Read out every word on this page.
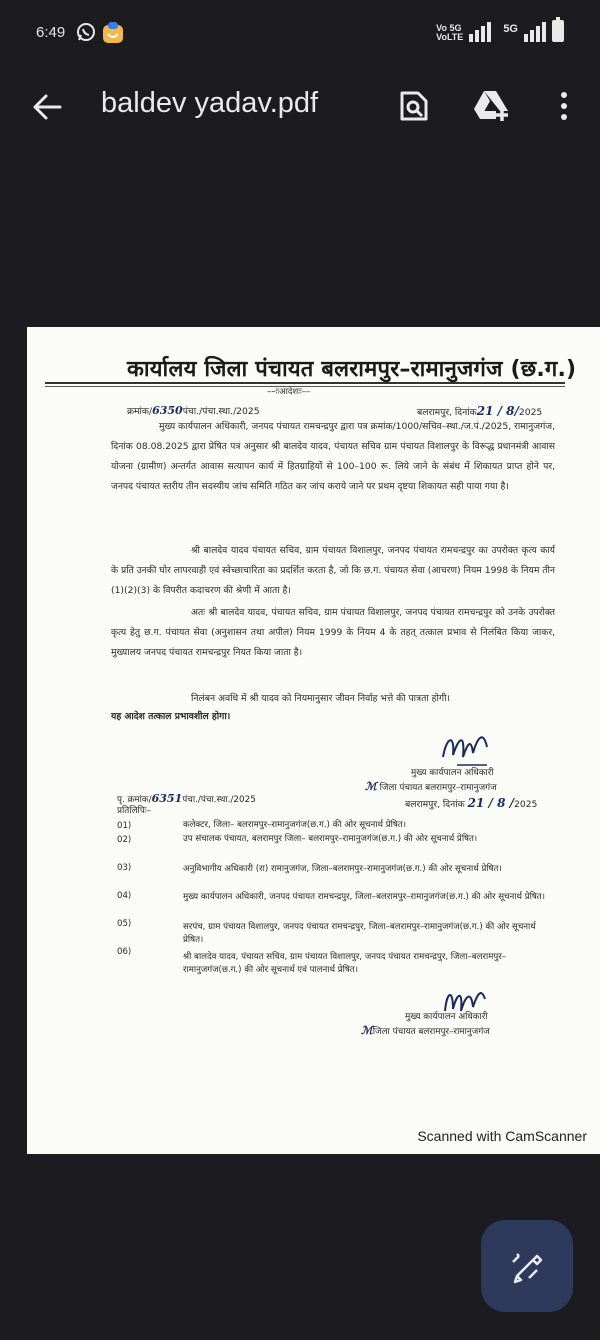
6:49	Vo 5G
VoLTE
5G
baldev yadav.pdf
कार्यालय जिला पंचायत बलरामपुर–रामानुजगंज (छ.ग.)
––ःःआदेशःः––
क्रमांक/6350पंचा./पंचा.स्था./2025	बलरामपुर, दिनांक21 / 8/2025
मुख्य कार्यपालन अधिकारी, जनपद पंचायत रामचन्द्रपुर द्वारा पत्र क्रमांक/1000/सचिव–स्था./ज.पं./2025, रामानुजगंज, दिनांक 08.08.2025 द्वारा प्रेषित पत्र अनुसार श्री बालदेव यादव, पंचायत सचिव ग्राम पंचायत विशालपुर के विरूद्ध प्रधानमंत्री आवास योजना (ग्रामीण) अन्तर्गत आवास सत्यापन कार्य में हितग्राहियों से 100–100 रू. लिये जाने के संबंध में शिकायत प्राप्त होने पर, जनपद पंचायत स्तरीय तीन सदस्यीय जांच समिति गठित कर जांच कराये जाने पर प्रथम दृष्टया शिकायत सही पाया गया है।
श्री बालदेव यादव पंचायत सचिव, ग्राम पंचायत विशालपुर, जनपद पंचायत रामचन्द्रपुर का उपरोक्त कृत्य कार्य के प्रति उनकी घोर लापरवाही एवं स्वेच्छाचारिता का प्रदर्शित करता है, जो कि छ.ग. पंचायत सेवा (आचरण) नियम 1998 के नियम तीन (1)(2)(3) के विपरीत कदाचरण की श्रेणी में आता है।
अतः श्री बालदेव यादव, पंचायत सचिव, ग्राम पंचायत विशालपुर, जनपद पंचायत रामचन्द्रपुर को उनके उपरोक्त कृत्य हेतु छ.ग. पंचायत सेवा (अनुशासन तथा अपील) नियम 1999 के नियम 4 के तहत् तत्काल प्रभाव से निलंबित किया जाकर, मुख्यालय जनपद पंचायत रामचन्द्रपुर नियत किया जाता है।
निलंबन अवधि में श्री यादव को नियमानुसार जीवन निर्वाह भत्ते की पात्रता होगी।
यह आदेश तत्काल प्रभावशील होगा।
मुख्य कार्यपालन अधिकारी
ℳ जिला पंचायत बलरामपुर–रामानुजगंज
बलरामपुर, दिनांक 21 / 8 /2025
पृ. क्रमांक/6351पंचा./पंचा.स्था./2025
प्रतिलिपिः–
01)	कलेक्टर, जिला– बलरामपुर–रामानुजगंज(छ.ग.) की ओर सूचनार्थ प्रेषित।
02)	उप संचालक पंचायत, बलरामपुर जिला– बलरामपुर–रामानुजगंज(छ.ग.) की ओर सूचनार्थ प्रेषित।
03)	अनुविभागीय अधिकारी (रा) रामानुजगंज, जिला–बलरामपुर–रामानुजगंज(छ.ग.) की ओर सूचनार्थ प्रेषित।
04)	मुख्य कार्यपालन अधिकारी, जनपद पंचायत रामचन्द्रपुर, जिला–बलरामपुर–रामानुजगंज(छ.ग.) की ओर सूचनार्थ प्रेषित।
05)	सरपंच, ग्राम पंचायत विशालपुर, जनपद पंचायत रामचन्द्रपुर, जिला–बलरामपुर–रामानुजगंज(छ.ग.) की ओर सूचनार्थ प्रेषित।
06)	श्री बालदेव यादव, पंचायत सचिव, ग्राम पंचायत विशालपुर, जनपद पंचायत रामचन्द्रपुर, जिला–बलरामपुर–रामानुजगंज(छ.ग.) की ओर सूचनार्थ एवं पालनार्थ प्रेषित।
मुख्य कार्यपालन अधिकारी
ℳजिला पंचायत बलरामपुर–रामानुजगंज
Scanned with CamScanner
